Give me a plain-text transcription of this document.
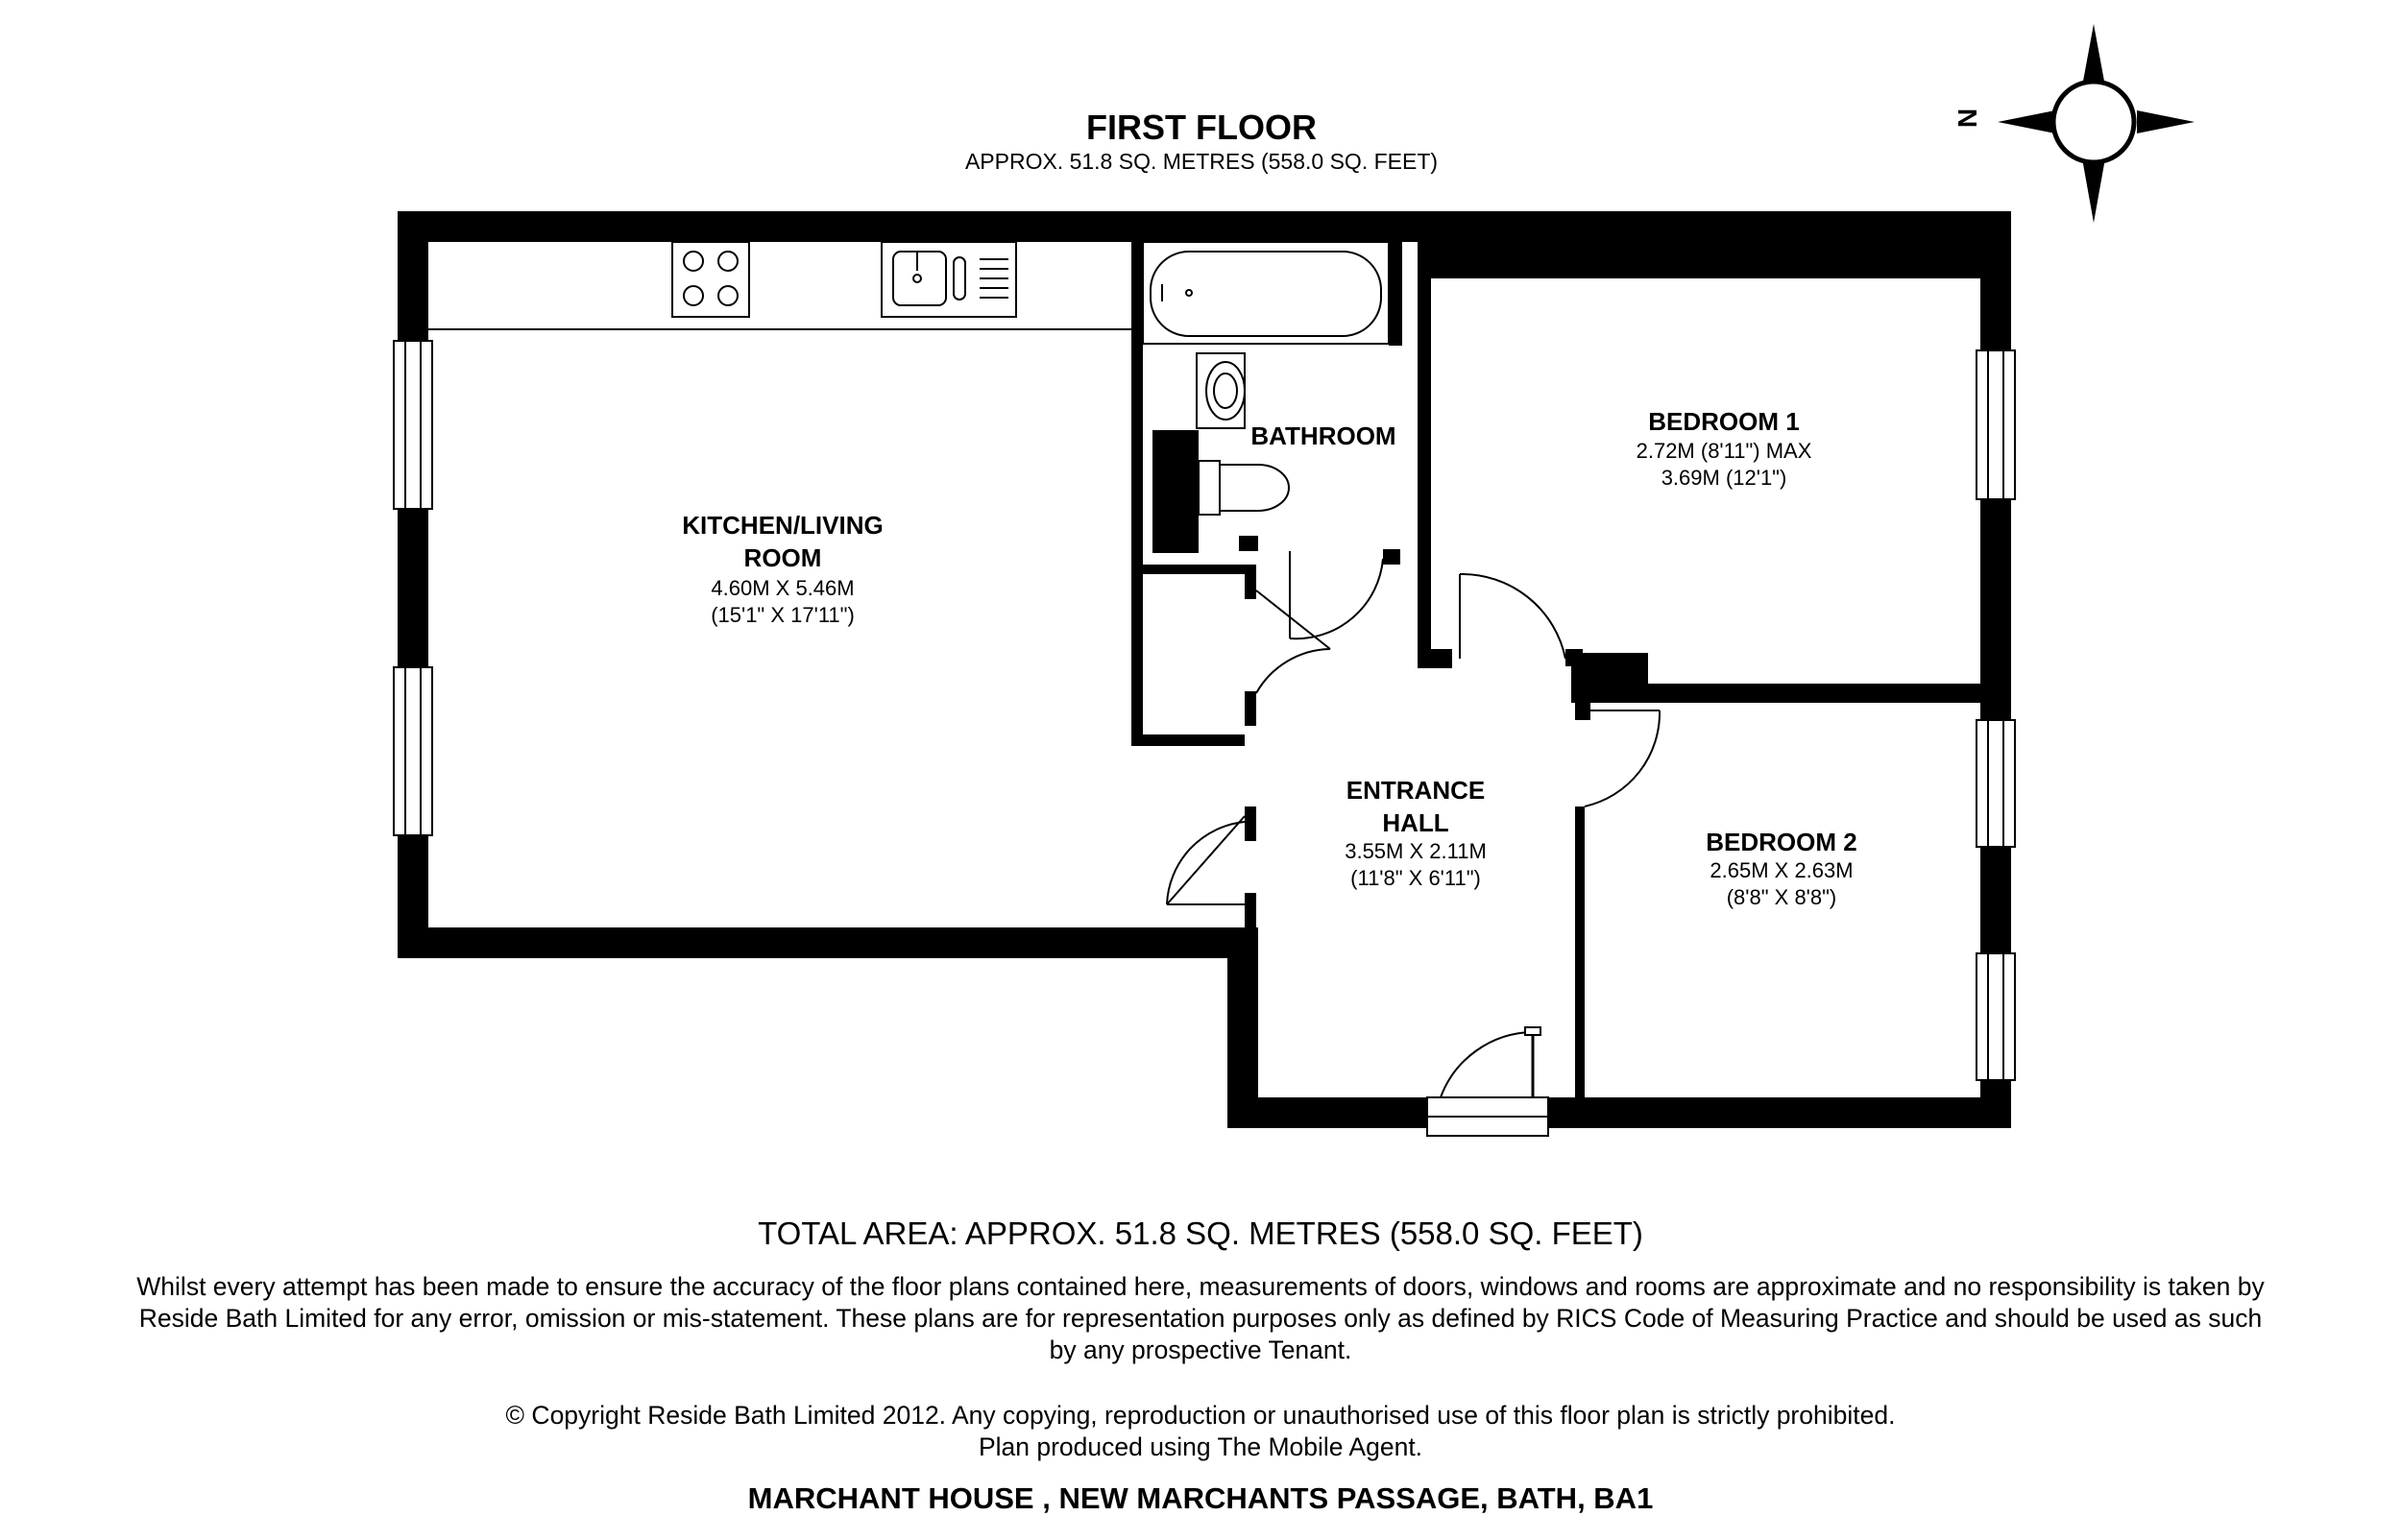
FIRST FLOOR
APPROX. 51.8 SQ. METRES (558.0 SQ. FEET)
N
KITCHEN/LIVING
ROOM
4.60M X 5.46M
(15'1" X 17'11")
BATHROOM	BEDROOM 1
2.72M (8'11") MAX
3.69M (12'1")
ENTRANCE
HALL
3.55M X 2.11M
(11'8" X 6'11")
BEDROOM 2
2.65M X 2.63M
(8'8" X 8'8")
TOTAL AREA: APPROX. 51.8 SQ. METRES (558.0 SQ. FEET)
Whilst every attempt has been made to ensure the accuracy of the floor plans contained here, measurements of doors, windows and rooms are approximate and no responsibility is taken by
Reside Bath Limited for any error, omission or mis-statement. These plans are for representation purposes only as defined by RICS Code of Measuring Practice and should be used as such
by any prospective Tenant.
© Copyright Reside Bath Limited 2012. Any copying, reproduction or unauthorised use of this floor plan is strictly prohibited.
Plan produced using The Mobile Agent.
MARCHANT HOUSE , NEW MARCHANTS PASSAGE, BATH, BA1
